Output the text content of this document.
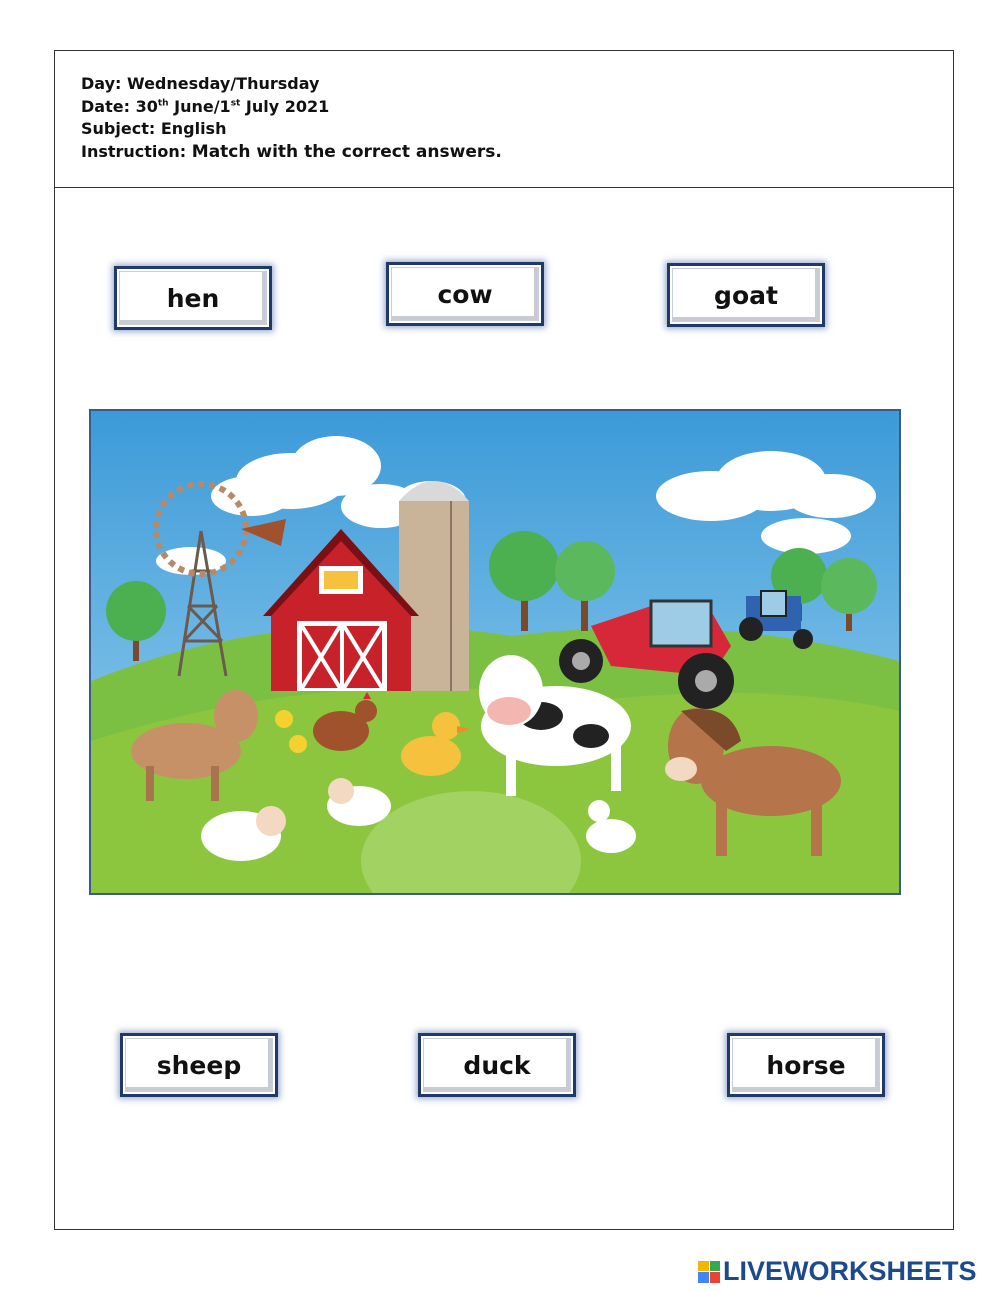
Day: Wednesday/Thursday
Date: 30th June/1st July 2021
Subject: English
Instruction: Match with the correct answers.
hen	cow	goat
sheep	duck	horse
LIVEWORKSHEETS
